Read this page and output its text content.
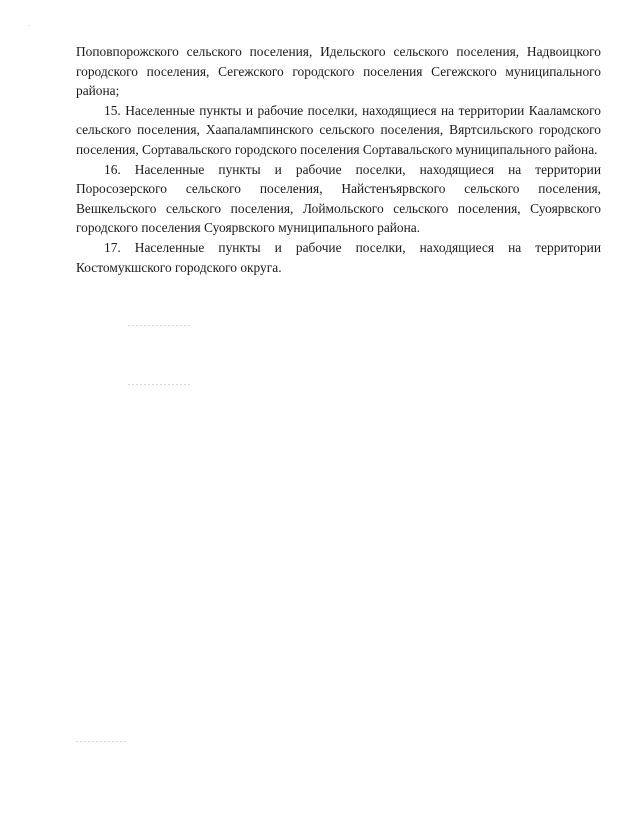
Поповпорожского сельского поселения, Идельского сельского поселения, Надвоицкого городского поселения, Сегежского городского поселения Сегежского муниципального района;

15. Населенные пункты и рабочие поселки, находящиеся на территории Кааламского сельского поселения, Хаапалампинского сельского поселения, Вяртсильского городского поселения, Сортавальского городского поселения Сортавальского муниципального района.

16. Населенные пункты и рабочие поселки, находящиеся на территории Поросозерского сельского поселения, Найстенъярвского сельского поселения, Вешкельского сельского поселения, Лоймольского сельского поселения, Суоярвского городского поселения Суоярвского муниципального района.

17. Населенные пункты и рабочие поселки, находящиеся на территории Костомукшского городского округа.
